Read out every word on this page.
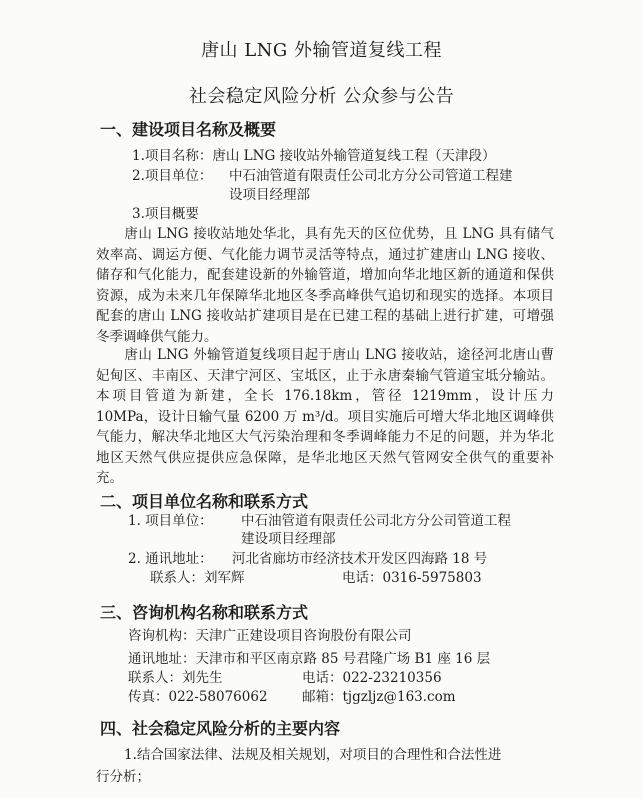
唐山 LNG 外输管道复线工程
社会稳定风险分析 公众参与公告
一、建设项目名称及概要
1.项目名称：唐山 LNG 接收站外输管道复线工程（天津段）
2.项目单位： 中石油管道有限责任公司北方分公司管道工程建
设项目经理部
3.项目概要
唐山 LNG 接收站地处华北，具有先天的区位优势，且 LNG 具有储气效率高、调运方便、气化能力调节灵活等特点，通过扩建唐山 LNG 接收、储存和气化能力，配套建设新的外输管道，增加向华北地区新的通道和保供资源，成为未来几年保障华北地区冬季高峰供气追切和现实的选择。本项目配套的唐山 LNG 接收站扩建项目是在已建工程的基础上进行扩建，可增强冬季调峰供气能力。
唐山 LNG 外输管道复线项目起于唐山 LNG 接收站，途径河北唐山曹妃甸区、丰南区、天津宁河区、宝坻区，止于永唐秦输气管道宝坻分输站。本项目管道为新建，全长 176.18km，管径 1219mm，设计压力 10MPa，设计日输气量 6200 万 m³/d。项目实施后可增大华北地区调峰供气能力，解决华北地区大气污染治理和冬季调峰能力不足的问题，并为华北地区天然气供应提供应急保障，是华北地区天然气管网安全供气的重要补充。
二、项目单位名称和联系方式
1. 项目单位： 中石油管道有限责任公司北方分公司管道工程
建设项目经理部
2. 通讯地址： 河北省廊坊市经济技术开发区四海路 18 号
联系人：刘军辉	电话：0316-5975803
三、咨询机构名称和联系方式
咨询机构：天津广正建设项目咨询股份有限公司
通讯地址：天津市和平区南京路 85 号君隆广场 B1 座 16 层
联系人：刘先生	电话：022-23210356
传真：022-58076062	邮箱：tjgzljz@163.com
四、社会稳定风险分析的主要内容
1.结合国家法律、法规及相关规划，对项目的合理性和合法性进
行分析；
